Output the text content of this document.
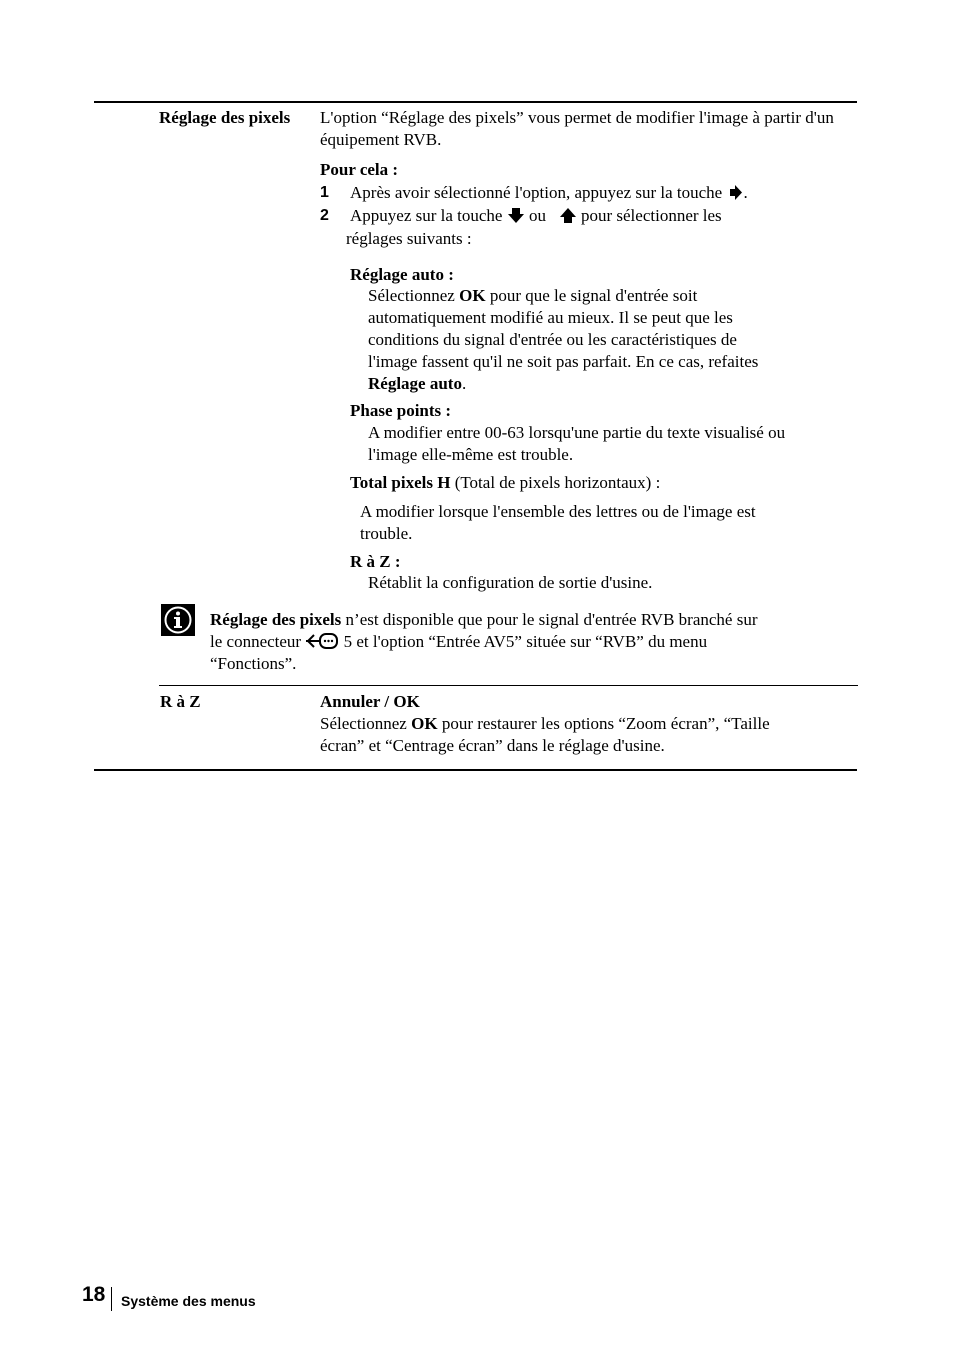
Réglage des pixels L'option “Réglage des pixels” vous permet de modifier l'image à partir d'un équipement RVB.
Pour cela :
1 Après avoir sélectionné l'option, appuyez sur la touche .
2 Appuyez sur la touche ou pour sélectionner les
réglages suivants :
Réglage auto :
Sélectionnez OK pour que le signal d'entrée soit
automatiquement modifié au mieux. Il se peut que les
conditions du signal d'entrée ou les caractéristiques de
l'image fassent qu'il ne soit pas parfait. En ce cas, refaites
Réglage auto.
Phase points :
A modifier entre 00-63 lorsqu'une partie du texte visualisé ou
l'image elle-même est trouble.
Total pixels H (Total de pixels horizontaux) :
A modifier lorsque l'ensemble des lettres ou de l'image est
trouble.
R à Z :
Rétablit la configuration de sortie d'usine.
Réglage des pixels n’est disponible que pour le signal d'entrée RVB branché sur
le connecteur	5 et l'option “Entrée AV5” située sur “RVB” du menu
“Fonctions”.
R à Z	Annuler / OK
Sélectionnez OK pour restaurer les options “Zoom écran”, “Taille
écran” et “Centrage écran” dans le réglage d'usine.
18 Système des menus
